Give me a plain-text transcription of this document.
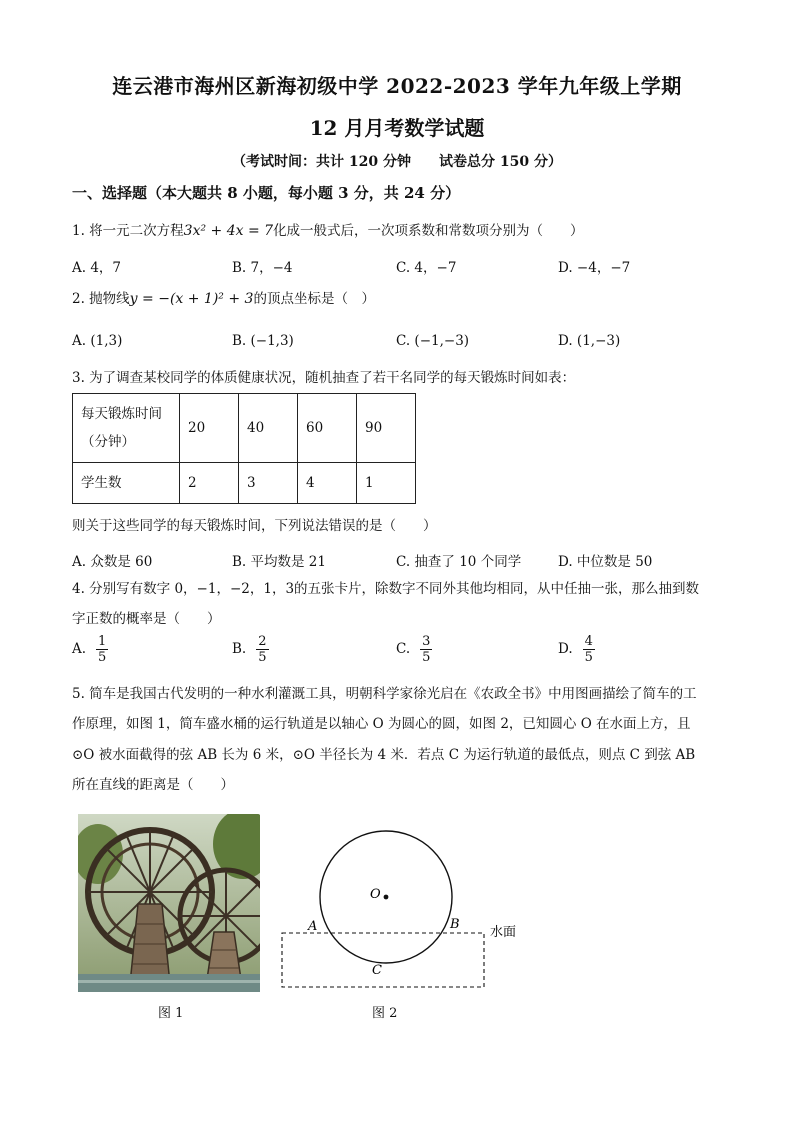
连云港市海州区新海初级中学 2022-2023 学年九年级上学期
12 月月考数学试题
（考试时间：共计 120 分钟　　试卷总分 150 分）
一、选择题（本大题共 8 小题，每小题 3 分，共 24 分）
1. 将一元二次方程3x² + 4x = 7化成一般式后，一次项系数和常数项分别为（　　）
A. 4，7	B. 7，−4	C. 4，−7	D. −4，−7
2. 抛物线y = −(x + 1)² + 3的顶点坐标是（　）
A. (1,3)	B. (−1,3)	C. (−1,−3)	D. (1,−3)
3. 为了调查某校同学的体质健康状况，随机抽查了若干名同学的每天锻炼时间如表：
每天锻炼时间
（分钟）	20	40	60	90
学生数	2	3	4	1
则关于这些同学的每天锻炼时间，下列说法错误的是（　　）
A. 众数是 60	B. 平均数是 21	C. 抽查了 10 个同学	D. 中位数是 50
4. 分别写有数字 0，−1，−2，1，3的五张卡片，除数字不同外其他均相同，从中任抽一张，那么抽到数
字正数的概率是（　　）
A. $\frac{1}{5}$	B. $\frac{2}{5}$	C. $\frac{3}{5}$	D. $\frac{4}{5}$
5. 简车是我国古代发明的一种水利灌溉工具，明朝科学家徐光启在《农政全书》中用图画描绘了简车的工
作原理，如图 1，简车盛水桶的运行轨道是以轴心 O 为圆心的圆，如图 2，已知圆心 O 在水面上方，且
⊙O 被水面截得的弦 AB 长为 6 米，⊙O 半径长为 4 米．若点 C 为运行轨道的最低点，则点 C 到弦 AB
所在直线的距离是（　　）
图 1
O
A	B
C
水面
图 2
